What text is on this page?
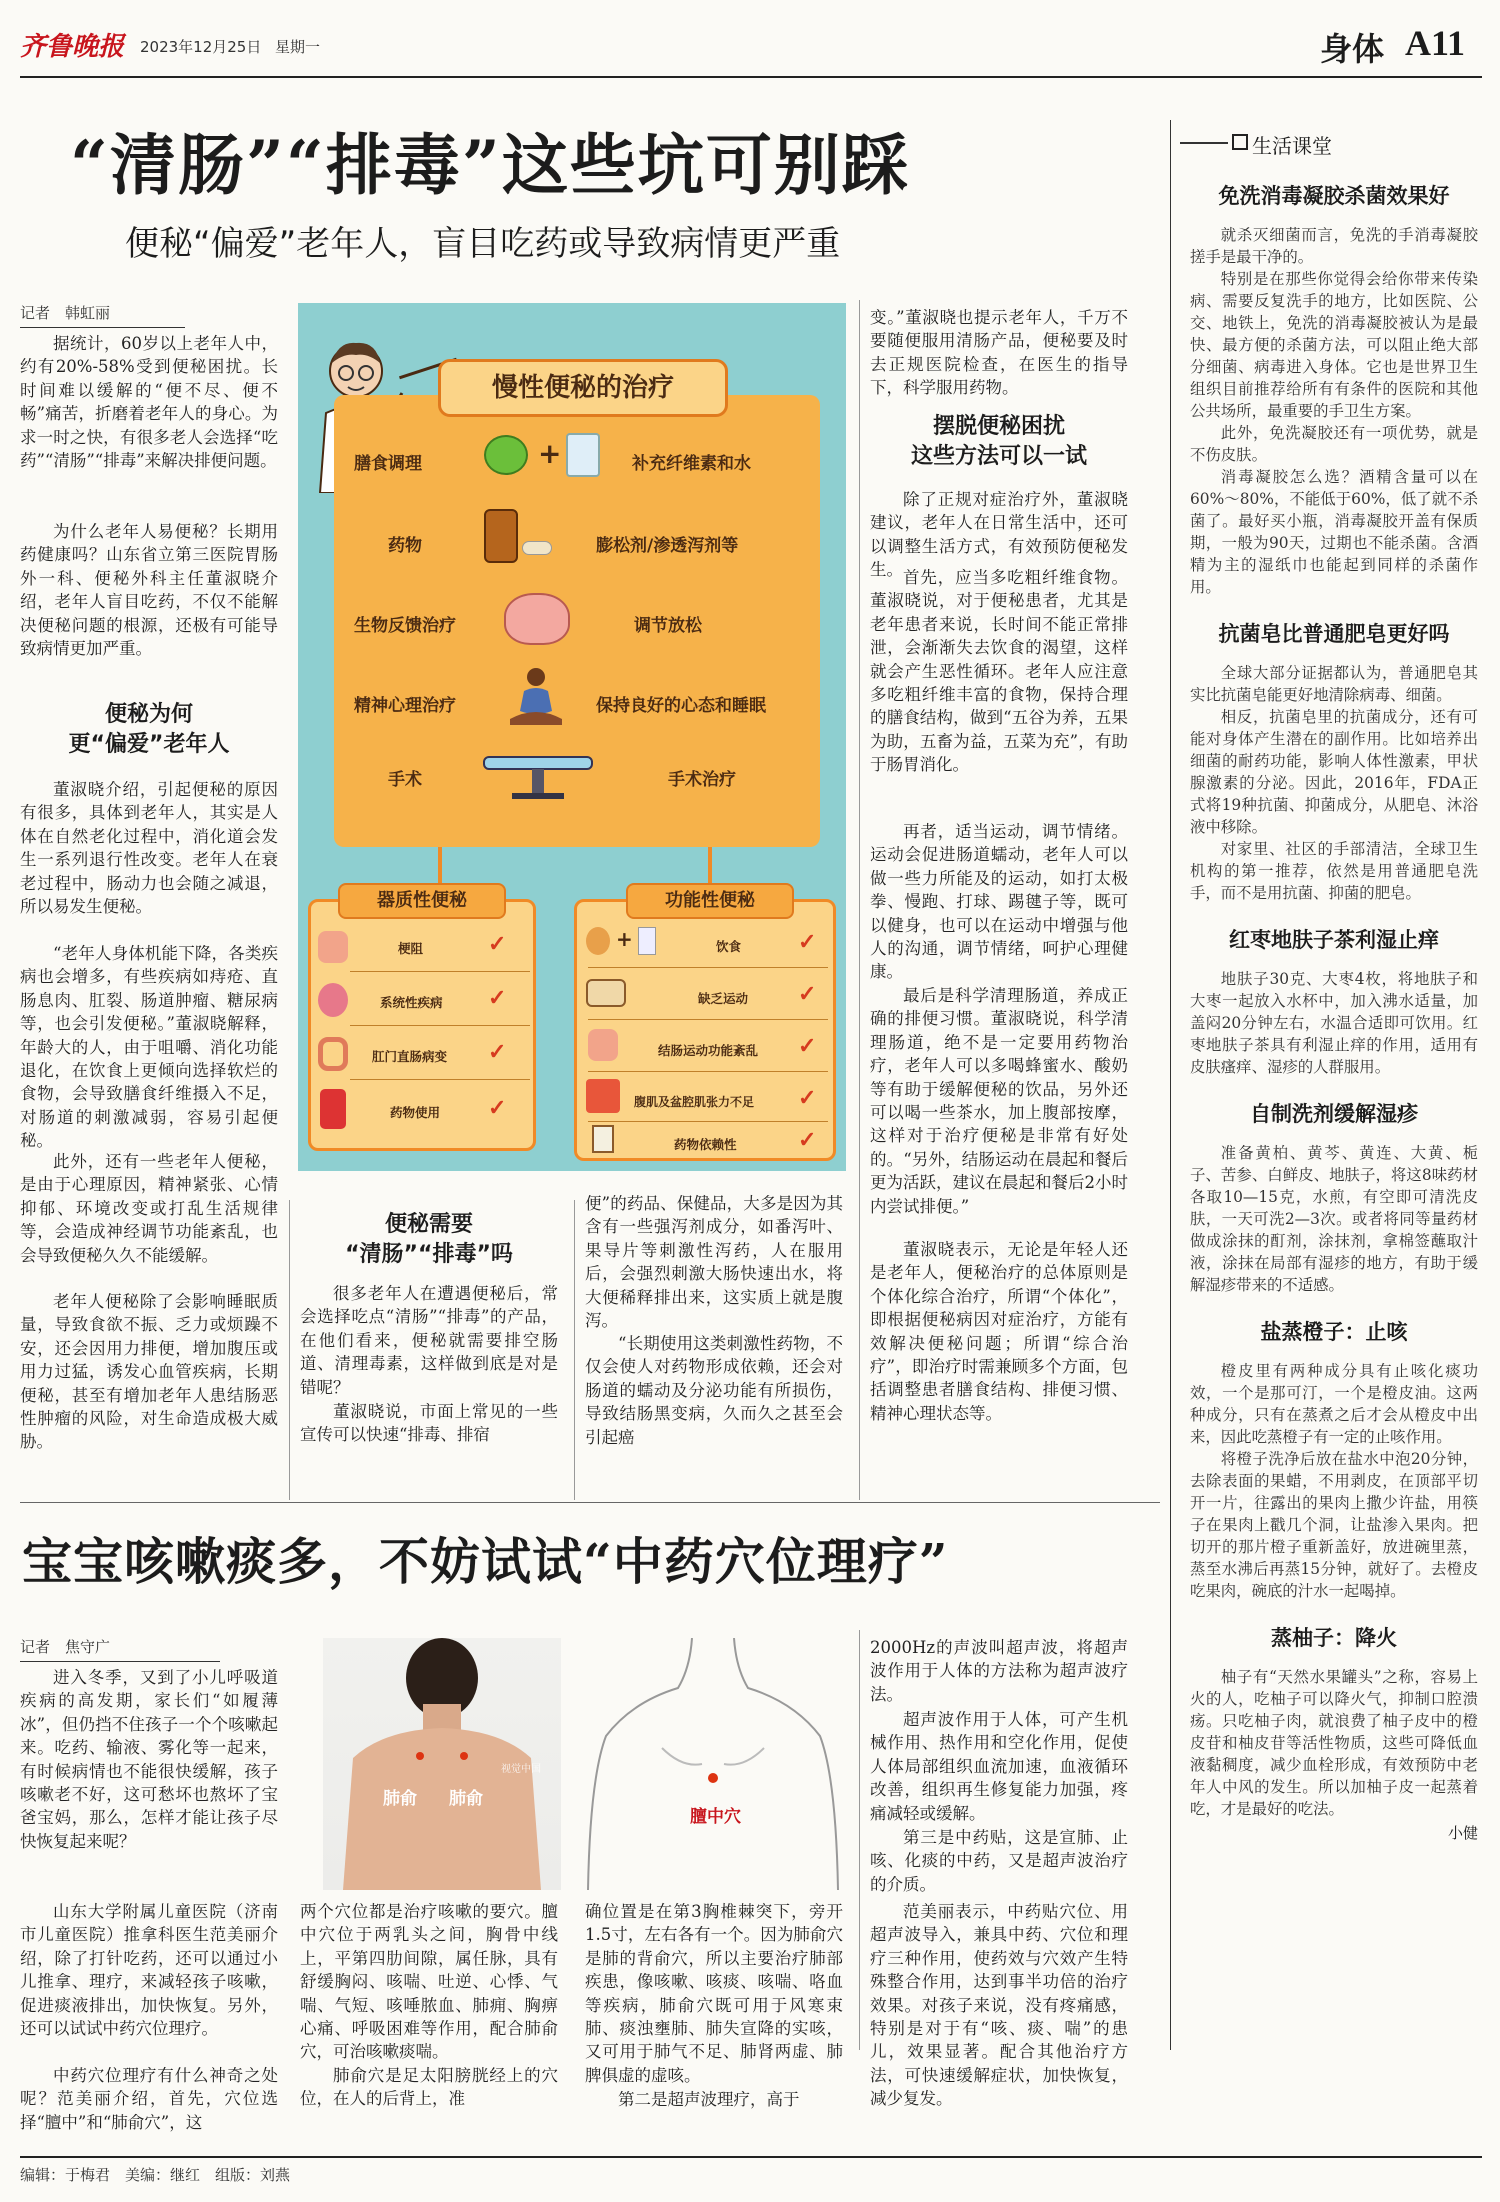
齐鲁晚报 2023年12月25日 星期一	身体 A11
“清肠”“排毒”这些坑可别踩
便秘“偏爱”老年人，盲目吃药或导致病情更严重
记者　韩虹丽
据统计，60岁以上老年人中，约有20%-58%受到便秘困扰。长时间难以缓解的“便不尽、便不畅”痛苦，折磨着老年人的身心。为求一时之快，有很多老人会选择“吃药”“清肠”“排毒”来解决排便问题。
为什么老年人易便秘？长期用药健康吗？山东省立第三医院胃肠外一科、便秘外科主任董淑晓介绍，老年人盲目吃药，不仅不能解决便秘问题的根源，还极有可能导致病情更加严重。
便秘为何
更“偏爱”老年人
董淑晓介绍，引起便秘的原因有很多，具体到老年人，其实是人体在自然老化过程中，消化道会发生一系列退行性改变。老年人在衰老过程中，肠动力也会随之减退，所以易发生便秘。
“老年人身体机能下降，各类疾病也会增多，有些疾病如痔疮、直肠息肉、肛裂、肠道肿瘤、糖尿病等，也会引发便秘。”董淑晓解释，年龄大的人，由于咀嚼、消化功能退化，在饮食上更倾向选择软烂的食物，会导致膳食纤维摄入不足，对肠道的刺激减弱，容易引起便秘。
此外，还有一些老年人便秘，是由于心理原因，精神紧张、心情抑郁、环境改变或打乱生活规律等，会造成神经调节功能紊乱，也会导致便秘久久不能缓解。
老年人便秘除了会影响睡眠质量，导致食欲不振、乏力或烦躁不安，还会因用力排便，增加腹压或用力过猛，诱发心血管疾病，长期便秘，甚至有增加老年人患结肠恶性肿瘤的风险，对生命造成极大威胁。
便秘需要
“清肠”“排毒”吗
很多老年人在遭遇便秘后，常会选择吃点“清肠”“排毒”的产品，在他们看来，便秘就需要排空肠道、清理毒素，这样做到底是对是错呢？
董淑晓说，市面上常见的一些宣传可以快速“排毒、排宿
便”的药品、保健品，大多是因为其含有一些强泻剂成分，如番泻叶、果导片等刺激性泻药，人在服用后，会强烈刺激大肠快速出水，将大便稀释排出来，这实质上就是腹泻。
“长期使用这类刺激性药物，不仅会使人对药物形成依赖，还会对肠道的蠕动及分泌功能有所损伤，导致结肠黑变病，久而久之甚至会引起癌
变。”董淑晓也提示老年人，千万不要随便服用清肠产品，便秘要及时去正规医院检查，在医生的指导下，科学服用药物。
摆脱便秘困扰
这些方法可以一试
除了正规对症治疗外，董淑晓建议，老年人在日常生活中，还可以调整生活方式，有效预防便秘发生。 首先，应当多吃粗纤维食物。董淑晓说，对于便秘患者，尤其是老年患者来说，长时间不能正常排泄，会渐渐失去饮食的渴望，这样就会产生恶性循环。老年人应注意多吃粗纤维丰富的食物，保持合理的膳食结构，做到“五谷为养，五果为助，五畜为益，五菜为充”，有助于肠胃消化。
再者，适当运动，调节情绪。运动会促进肠道蠕动，老年人可以做一些力所能及的运动，如打太极拳、慢跑、打球、踢毽子等，既可以健身，也可以在运动中增强与他人的沟通，调节情绪，呵护心理健康。
最后是科学清理肠道，养成正确的排便习惯。董淑晓说，科学清理肠道，绝不是一定要用药物治疗，老年人可以多喝蜂蜜水、酸奶等有助于缓解便秘的饮品，另外还可以喝一些茶水，加上腹部按摩，这样对于治疗便秘是非常有好处的。“另外，结肠运动在晨起和餐后更为活跃，建议在晨起和餐后2小时内尝试排便。”
董淑晓表示，无论是年轻人还是老年人，便秘治疗的总体原则是个体化综合治疗，所谓“个体化”，即根据便秘病因对症治疗，方能有效解决便秘问题；所谓“综合治疗”，即治疗时需兼顾多个方面，包括调整患者膳食结构、排便习惯、精神心理状态等。
慢性便秘的治疗
膳食调理	+	补充纤维素和水
药物	膨松剂/渗透泻剂等
生物反馈治疗	调节放松
精神心理治疗	保持良好的心态和睡眠
手术	手术治疗
器质性便秘
梗阻	✓
系统性疾病 ✓
肛门直肠病变 ✓
药物使用 ✓
功能性便秘
+	饮食	✓
缺乏运动 ✓
结肠运动功能紊乱 ✓
腹肌及盆腔肌张力不足 ✓
药物依赖性	✓
生活课堂
免洗消毒凝胶杀菌效果好
就杀灭细菌而言，免洗的手消毒凝胶搓手是最干净的。
特别是在那些你觉得会给你带来传染病、需要反复洗手的地方，比如医院、公交、地铁上，免洗的消毒凝胶被认为是最快、最方便的杀菌方法，可以阻止绝大部分细菌、病毒进入身体。它也是世界卫生组织目前推荐给所有有条件的医院和其他公共场所，最重要的手卫生方案。
此外，免洗凝胶还有一项优势，就是不伤皮肤。
消毒凝胶怎么选？酒精含量可以在60%～80%，不能低于60%，低了就不杀菌了。最好买小瓶，消毒凝胶开盖有保质期，一般为90天，过期也不能杀菌。含酒精为主的湿纸巾也能起到同样的杀菌作用。
抗菌皂比普通肥皂更好吗
全球大部分证据都认为，普通肥皂其实比抗菌皂能更好地清除病毒、细菌。
相反，抗菌皂里的抗菌成分，还有可能对身体产生潜在的副作用。比如培养出细菌的耐药功能，影响人体性激素，甲状腺激素的分泌。因此，2016年，FDA正式将19种抗菌、抑菌成分，从肥皂、沐浴液中移除。
对家里、社区的手部清洁，全球卫生机构的第一推荐，依然是用普通肥皂洗手，而不是用抗菌、抑菌的肥皂。
红枣地肤子茶利湿止痒
地肤子30克、大枣4枚，将地肤子和大枣一起放入水杯中，加入沸水适量，加盖闷20分钟左右，水温合适即可饮用。红枣地肤子茶具有利湿止痒的作用，适用有皮肤瘙痒、湿疹的人群服用。
自制洗剂缓解湿疹
准备黄柏、黄芩、黄连、大黄、栀子、苦参、白鲜皮、地肤子，将这8味药材各取10—15克，水煎，有空即可清洗皮肤，一天可洗2—3次。或者将同等量药材做成涂抹的酊剂，涂抹剂，拿棉签蘸取汁液，涂抹在局部有湿疹的地方，有助于缓解湿疹带来的不适感。
盐蒸橙子：止咳
橙皮里有两种成分具有止咳化痰功效，一个是那可汀，一个是橙皮油。这两种成分，只有在蒸煮之后才会从橙皮中出来，因此吃蒸橙子有一定的止咳作用。
将橙子洗净后放在盐水中泡20分钟，去除表面的果蜡，不用剥皮，在顶部平切开一片，往露出的果肉上撒少许盐，用筷子在果肉上戳几个洞，让盐渗入果肉。把切开的那片橙子重新盖好，放进碗里蒸，蒸至水沸后再蒸15分钟，就好了。去橙皮吃果肉，碗底的汁水一起喝掉。
蒸柚子：降火
柚子有“天然水果罐头”之称，容易上火的人，吃柚子可以降火气，抑制口腔溃疡。只吃柚子肉，就浪费了柚子皮中的橙皮苷和柚皮苷等活性物质，这些可降低血液黏稠度，减少血栓形成，有效预防中老年人中风的发生。所以加柚子皮一起蒸着吃，才是最好的吃法。
小健
宝宝咳嗽痰多，不妨试试“中药穴位理疗”
记者　焦守广
进入冬季，又到了小儿呼吸道疾病的高发期，家长们“如履薄冰”，但仍挡不住孩子一个个咳嗽起来。吃药、输液、雾化等一起来，有时候病情也不能很快缓解，孩子咳嗽老不好，这可愁坏也熬坏了宝爸宝妈，那么，怎样才能让孩子尽快恢复起来呢？
山东大学附属儿童医院（济南市儿童医院）推拿科医生范美丽介绍，除了打针吃药，还可以通过小儿推拿、理疗，来减轻孩子咳嗽，促进痰液排出，加快恢复。另外，还可以试试中药穴位理疗。
中药穴位理疗有什么神奇之处呢？范美丽介绍，首先，穴位选择“膻中”和“肺俞穴”，这
肺俞 肺俞
视觉中国
膻中穴
两个穴位都是治疗咳嗽的要穴。膻中穴位于两乳头之间，胸骨中线上，平第四肋间隙，属任脉，具有舒缓胸闷、咳喘、吐逆、心悸、气喘、气短、咳唾脓血、肺痈、胸痹心痛、呼吸困难等作用，配合肺俞穴，可治咳嗽痰喘。
肺俞穴是足太阳膀胱经上的穴位，在人的后背上，准
确位置是在第3胸椎棘突下，旁开1.5寸，左右各有一个。因为肺俞穴是肺的背俞穴，所以主要治疗肺部疾患，像咳嗽、咳痰、咳喘、咯血等疾病，肺俞穴既可用于风寒束肺、痰浊壅肺、肺失宣降的实咳，又可用于肺气不足、肺肾两虚、肺脾俱虚的虚咳。
第二是超声波理疗，高于
2000Hz的声波叫超声波，将超声波作用于人体的方法称为超声波疗法。
超声波作用于人体，可产生机械作用、热作用和空化作用，促使人体局部组织血流加速，血液循环改善，组织再生修复能力加强，疼痛减轻或缓解。
第三是中药贴，这是宣肺、止咳、化痰的中药，又是超声波治疗的介质。
范美丽表示，中药贴穴位、用超声波导入，兼具中药、穴位和理疗三种作用，使药效与穴效产生特殊整合作用，达到事半功倍的治疗效果。对孩子来说，没有疼痛感，特别是对于有“咳、痰、喘”的患儿，效果显著。配合其他治疗方法，可快速缓解症状，加快恢复，减少复发。
编辑：于梅君　美编：继红　组版：刘燕
